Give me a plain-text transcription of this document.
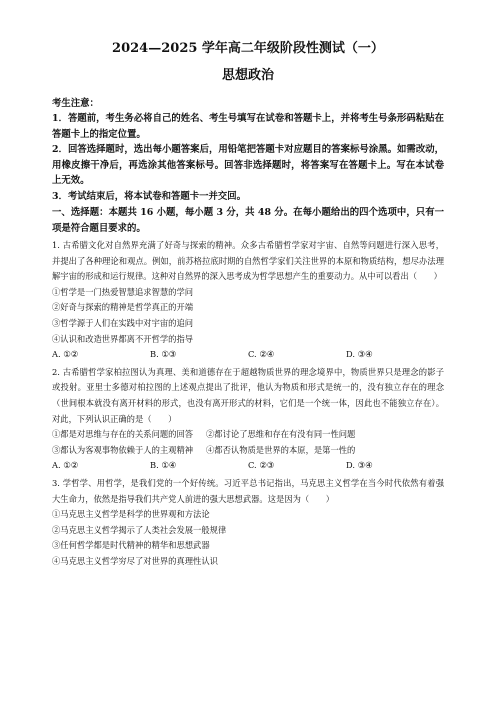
2024—2025 学年高二年级阶段性测试（一）
思想政治
考生注意：
1．答题前，考生务必将自己的姓名、考生号填写在试卷和答题卡上，并将考生号条形码粘贴在答题卡上的指定位置。
2．回答选择题时，选出每小题答案后，用铅笔把答题卡对应题目的答案标号涂黑。如需改动，用橡皮擦干净后，再选涂其他答案标号。回答非选择题时，将答案写在答题卡上。写在本试卷上无效。
3．考试结束后，将本试卷和答题卡一并交回。
一、选择题：本题共 16 小题，每小题 3 分，共 48 分。在每小题给出的四个选项中，只有一项是符合题目要求的。
1. 古希腊文化对自然界充满了好奇与探索的精神。众多古希腊哲学家对宇宙、自然等问题进行深入思考，并提出了各种理论和观点。例如，前苏格拉底时期的自然哲学家们关注世界的本原和物质结构，想尽办法理解宇宙的形成和运行规律。这种对自然界的深入思考成为哲学思想产生的重要动力。从中可以看出（　　）
①哲学是一门热爱智慧追求智慧的学问
②好奇与探索的精神是哲学真正的开端
③哲学源于人们在实践中对宇宙的追问
④认识和改造世界都离不开哲学的指导
A. ①②	B. ①③	C. ②④	D. ③④
2. 古希腊哲学家柏拉图认为真理、美和道德存在于超越物质世界的理念境界中，物质世界只是理念的影子或投射。亚里士多德对柏拉图的上述观点提出了批评，他认为物质和形式是统一的，没有独立存在的理念（世间根本就没有离开材料的形式，也没有离开形式的材料，它们是一个统一体，因此也不能独立存在）。对此，下列认识正确的是（　　）
①都是对思维与存在的关系问题的回答	②都讨论了思维和存在有没有同一性问题
③都认为客观事物依赖于人的主观精神	④都否认物质是世界的本原，是第一性的
A. ①②	B. ①④	C. ②③	D. ③④
3. 学哲学、用哲学，是我们党的一个好传统。习近平总书记指出，马克思主义哲学在当今时代依然有着强大生命力，依然是指导我们共产党人前进的强大思想武器。这是因为（　　）
①马克思主义哲学是科学的世界观和方法论
②马克思主义哲学揭示了人类社会发展一般规律
③任何哲学都是时代精神的精华和思想武器
④马克思主义哲学穷尽了对世界的真理性认识
